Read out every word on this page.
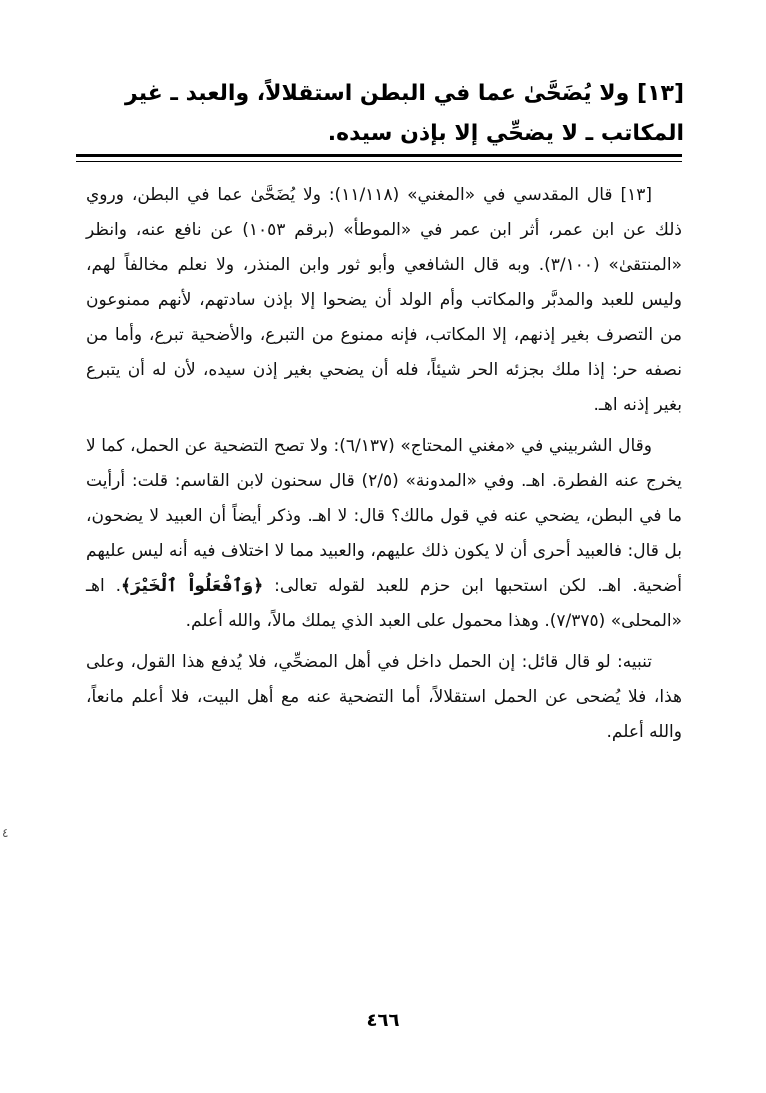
[١٣] ولا يُضَحَّىٰ عما في البطن استقلالاً، والعبد ـ غير المكاتب ـ لا يضحِّي إلا بإذن سيده.

[١٣] قال المقدسي في «المغني» (١١/١١٨): ولا يُضَحَّىٰ عما في البطن، وروي ذلك عن ابن عمر، أثر ابن عمر في «الموطأ» (برقم ١٠٥٣) عن نافع عنه، وانظر «المنتقىٰ» (٣/١٠٠). وبه قال الشافعي وأبو ثور وابن المنذر، ولا نعلم مخالفاً لهم، وليس للعبد والمدبَّر والمكاتب وأم الولد أن يضحوا إلا بإذن سادتهم، لأنهم ممنوعون من التصرف بغير إذنهم، إلا المكاتب، فإنه ممنوع من التبرع، والأضحية تبرع، وأما من نصفه حر: إذا ملك بجزئه الحر شيئاً، فله أن يضحي بغير إذن سيده، لأن له أن يتبرع بغير إذنه اهـ.

وقال الشربيني في «مغني المحتاج» (٦/١٣٧): ولا تصح التضحية عن الحمل، كما لا يخرج عنه الفطرة. اهـ. وفي «المدونة» (٢/٥) قال سحنون لابن القاسم: قلت: أرأيت ما في البطن، يضحي عنه في قول مالك؟ قال: لا اهـ. وذكر أيضاً أن العبيد لا يضحون، بل قال: فالعبيد أحرى أن لا يكون ذلك عليهم، والعبيد مما لا اختلاف فيه أنه ليس عليهم أضحية. اهـ. لكن استحبها ابن حزم للعبد لقوله تعالى: ﴿وَٱفْعَلُواْ ٱلْخَيْرَ﴾. اهـ «المحلى» (٧/٣٧٥). وهذا محمول على العبد الذي يملك مالاً، والله أعلم.

تنبيه: لو قال قائل: إن الحمل داخل في أهل المضحِّي، فلا يُدفع هذا القول، وعلى هذا، فلا يُضحى عن الحمل استقلالاً، أما التضحية عنه مع أهل البيت، فلا أعلم مانعاً، والله أعلم.

٤٦٦
٤
